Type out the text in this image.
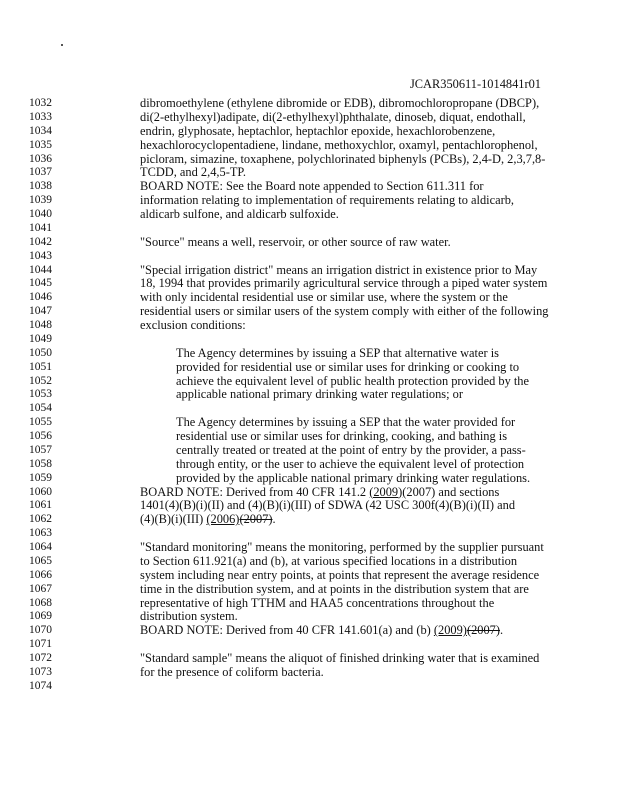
JCAR350611-1014841r01
1032	dibromoethylene (ethylene dibromide or EDB), dibromochloropropane (DBCP),
1033	di(2-ethylhexyl)adipate, di(2-ethylhexyl)phthalate, dinoseb, diquat, endothall,
1034	endrin, glyphosate, heptachlor, heptachlor epoxide, hexachlorobenzene,
1035	hexachlorocyclopentadiene, lindane, methoxychlor, oxamyl, pentachlorophenol,
1036	picloram, simazine, toxaphene, polychlorinated biphenyls (PCBs), 2,4-D, 2,3,7,8-
1037	TCDD, and 2,4,5-TP.
1038	BOARD NOTE: See the Board note appended to Section 611.311 for
1039	information relating to implementation of requirements relating to aldicarb,
1040	aldicarb sulfone, and aldicarb sulfoxide.
1041
1042	"Source" means a well, reservoir, or other source of raw water.
1043
1044	"Special irrigation district" means an irrigation district in existence prior to May
1045	18, 1994 that provides primarily agricultural service through a piped water system
1046	with only incidental residential use or similar use, where the system or the
1047	residential users or similar users of the system comply with either of the following
1048	exclusion conditions:
1049
1050	The Agency determines by issuing a SEP that alternative water is
1051	provided for residential use or similar uses for drinking or cooking to
1052	achieve the equivalent level of public health protection provided by the
1053	applicable national primary drinking water regulations; or
1054
1055	The Agency determines by issuing a SEP that the water provided for
1056	residential use or similar uses for drinking, cooking, and bathing is
1057	centrally treated or treated at the point of entry by the provider, a pass-
1058	through entity, or the user to achieve the equivalent level of protection
1059	provided by the applicable national primary drinking water regulations.
1060	BOARD NOTE: Derived from 40 CFR 141.2 (2009)(2007) and sections
1061	1401(4)(B)(i)(II) and (4)(B)(i)(III) of SDWA (42 USC 300f(4)(B)(i)(II) and
1062	(4)(B)(i)(III) (2006)(2007).
1063
1064	"Standard monitoring" means the monitoring, performed by the supplier pursuant
1065	to Section 611.921(a) and (b), at various specified locations in a distribution
1066	system including near entry points, at points that represent the average residence
1067	time in the distribution system, and at points in the distribution system that are
1068	representative of high TTHM and HAA5 concentrations throughout the
1069	distribution system.
1070	BOARD NOTE: Derived from 40 CFR 141.601(a) and (b) (2009)(2007).
1071
1072	"Standard sample" means the aliquot of finished drinking water that is examined
1073	for the presence of coliform bacteria.
1074
